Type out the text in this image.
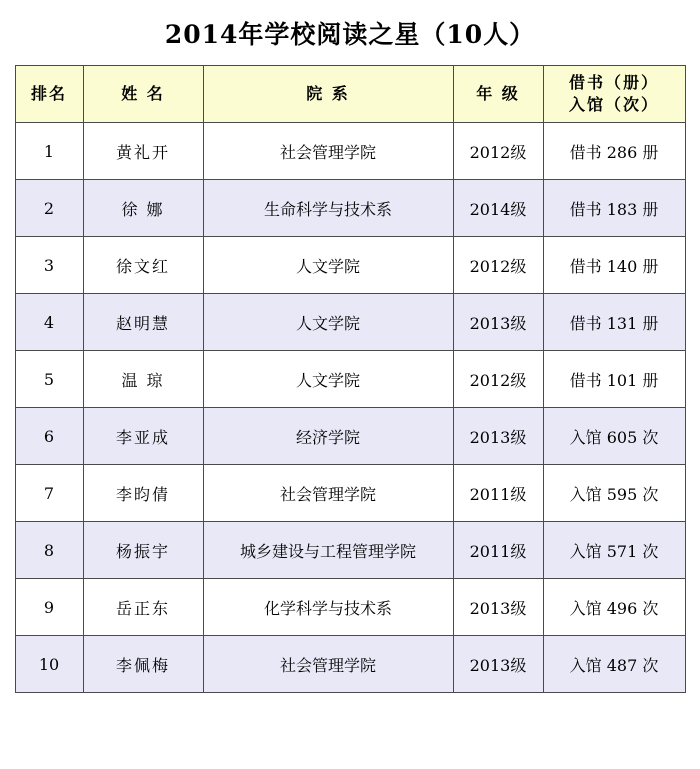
2014年学校阅读之星（10人）
排名	姓 名	院 系	年 级	借书（册）
入馆（次）

1	黄礼开	社会管理学院	2012级	借书 286 册
2	徐 娜	生命科学与技术系	2014级	借书 183 册
3	徐文红	人文学院	2012级	借书 140 册
4	赵明慧	人文学院	2013级	借书 131 册
5	温 琼	人文学院	2012级	借书 101 册
6	李亚成	经济学院	2013级	入馆 605 次
7	李昀倩	社会管理学院	2011级	入馆 595 次
8	杨振宇	城乡建设与工程管理学院	2011级	入馆 571 次
9	岳正东	化学科学与技术系	2013级	入馆 496 次
10	李佩梅	社会管理学院	2013级	入馆 487 次
